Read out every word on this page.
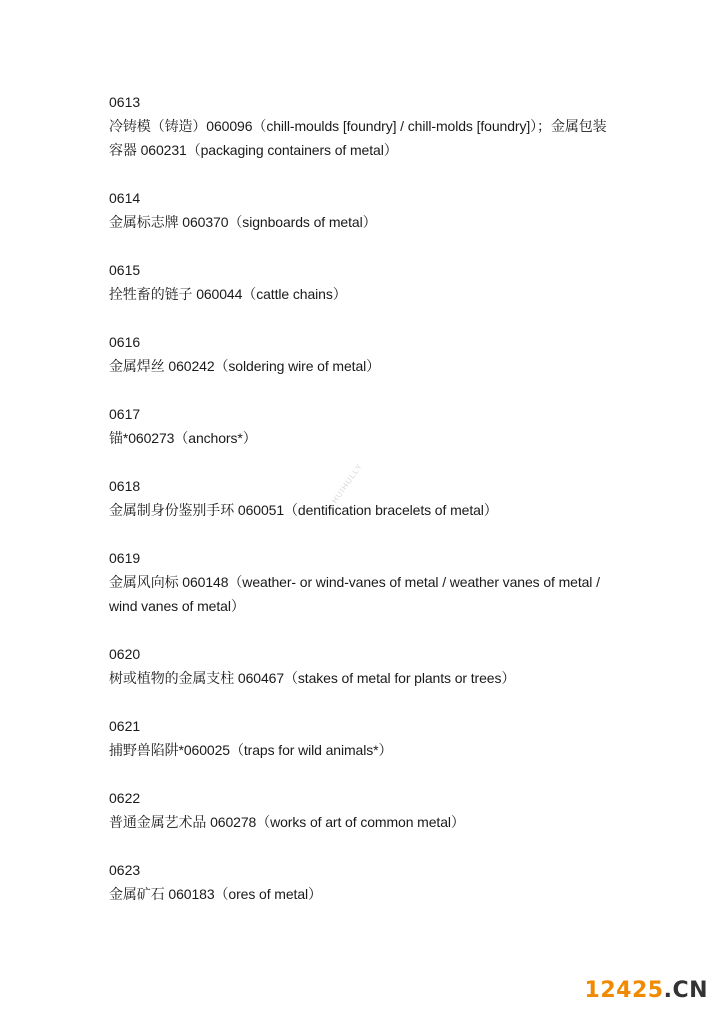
0613
冷铸模（铸造）060096（chill-moulds [foundry] / chill-molds [foundry]）；金属包装容器 060231（packaging containers of metal）
0614
金属标志牌 060370（signboards of metal）
0615
拴牲畜的链子 060044（cattle chains）
0616
金属焊丝 060242（soldering wire of metal）
0617
锚*060273（anchors*）
0618
金属制身份鉴别手环 060051（dentification bracelets of metal）
0619
金属风向标 060148（weather- or wind-vanes of metal / weather vanes of metal / wind vanes of metal）
0620
树或植物的金属支柱 060467（stakes of metal for plants or trees）
0621
捕野兽陷阱*060025（traps for wild animals*）
0622
普通金属艺术品 060278（works of art of common metal）
0623
金属矿石 060183（ores of metal）
HUIHULLY
12425.CN
